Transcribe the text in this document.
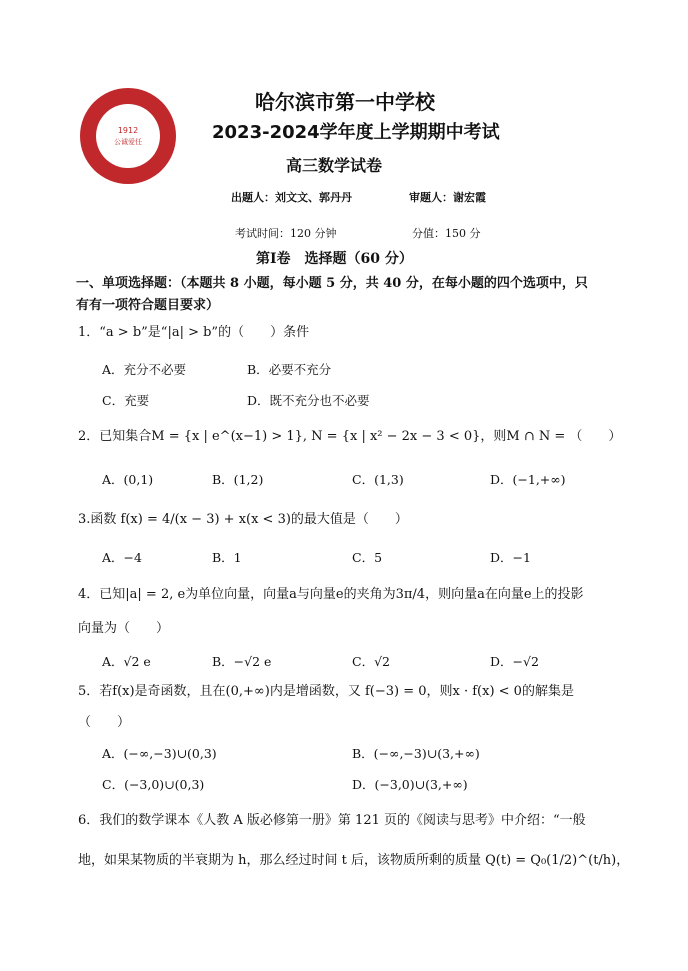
1912
公诚爱任
哈尔滨市第一中学校
2023-2024学年度上学期期中考试
高三数学试卷
出题人：刘文文、郭丹丹	审题人：谢宏霞
考试时间：120 分钟	分值：150 分
第Ⅰ卷　选择题（60 分）
一、单项选择题：（本题共 8 小题，每小题 5 分，共 40 分，在每小题的四个选项中，只
有有一项符合题目要求）
1．“a > b”是“|a| > b”的（　　）条件
A．充分不必要	B．必要不充分
C．充要	D．既不充分也不必要
2．已知集合M = {x | e^(x−1) > 1}, N = {x | x² − 2x − 3 < 0}，则M ∩ N = （　　）
A．(0,1)	B．(1,2)	C．(1,3)	D．(−1,+∞)
3.函数 f(x) = 4/(x − 3) + x(x < 3)的最大值是（　　）
A．−4	B．1	C．5	D．−1
4．已知|a| = 2, e为单位向量，向量a与向量e的夹角为3π/4，则向量a在向量e上的投影
向量为（　　）
A．√2 e	B．−√2 e	C．√2	D．−√2
5．若f(x)是奇函数，且在(0,+∞)内是增函数，又 f(−3) = 0，则x · f(x) < 0的解集是
（　　）
A．(−∞,−3)∪(0,3)	B．(−∞,−3)∪(3,+∞)
C．(−3,0)∪(0,3)	D．(−3,0)∪(3,+∞)
6．我们的数学课本《人教 A 版必修第一册》第 121 页的《阅读与思考》中介绍：“一般
地，如果某物质的半衰期为 h，那么经过时间 t 后，该物质所剩的质量 Q(t) = Q₀(1/2)^(t/h)，
